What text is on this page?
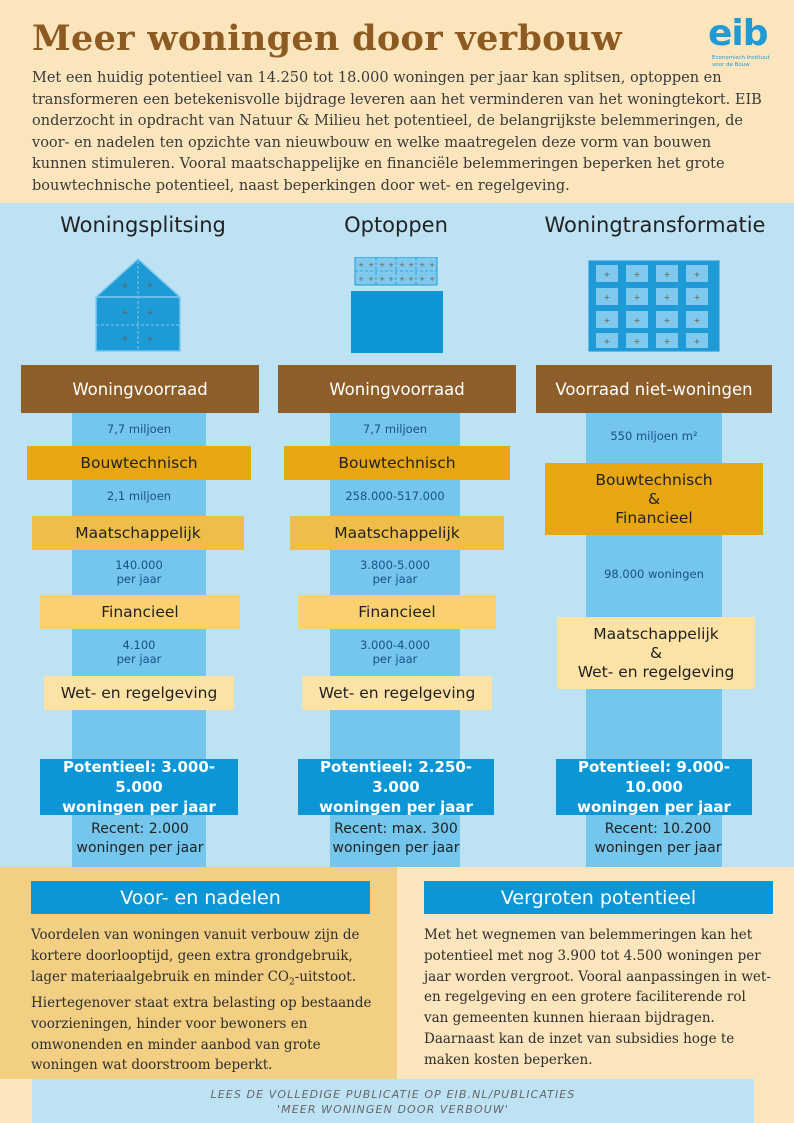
Meer woningen door verbouw eib
Economisch Instituut
voor de Bouw
Met een huidig potentieel van 14.250 tot 18.000 woningen per jaar kan splitsen, optoppen en transformeren een betekenisvolle bijdrage leveren aan het verminderen van het woningtekort. EIB onderzocht in opdracht van Natuur & Milieu het potentieel, de belangrijkste belemmeringen, de voor- en nadelen ten opzichte van nieuwbouw en welke maatregelen deze vorm van bouwen kunnen stimuleren. Vooral maatschappelijke en financiële belemmeringen beperken het grote bouwtechnische potentieel, naast beperkingen door wet- en regelgeving.
Woningsplitsing
+ +
+ +
+ +
Woningvoorraad
7,7 miljoen
Bouwtechnisch
2,1 miljoen
Maatschappelijk
140.000
per jaar
Financieel
4.100
per jaar
Wet- en regelgeving
Potentieel: 3.000-5.000
woningen per jaar
Recent: 2.000
woningen per jaar
Optoppen
+ + + + + + + +
+ + + + + + + +
Woningvoorraad
7,7 miljoen
Bouwtechnisch
258.000-517.000
Maatschappelijk
3.800-5.000
per jaar
Financieel
3.000-4.000
per jaar
Wet- en regelgeving
Potentieel: 2.250-3.000
woningen per jaar
Recent: max. 300
woningen per jaar
Woningtransformatie
+	+	+	+
+	+	+	+
+	+	+	+
+	+	+	+
Voorraad niet-woningen
550 miljoen m²
Bouwtechnisch
&
Financieel
98.000 woningen
Maatschappelijk
&
Wet- en regelgeving
Potentieel: 9.000-10.000
woningen per jaar
Recent: 10.200
woningen per jaar
Voor- en nadelen
Voordelen van woningen vanuit verbouw zijn de kortere doorlooptijd, geen extra grondgebruik, lager materiaalgebruik en minder $CO_2$-uitstoot. Hiertegenover staat extra belasting op bestaande voorzieningen, hinder voor bewoners en omwonenden en minder aanbod van grote woningen wat doorstroom beperkt.
Vergroten potentieel
Met het wegnemen van belemmeringen kan het potentieel met nog 3.900 tot 4.500 woningen per jaar worden vergroot. Vooral aanpassingen in wet- en regelgeving en een grotere faciliterende rol van gemeenten kunnen hieraan bijdragen. Daarnaast kan de inzet van subsidies hoge te maken kosten beperken.
LEES DE VOLLEDIGE PUBLICATIE OP EIB.NL/PUBLICATIES
'MEER WONINGEN DOOR VERBOUW'
